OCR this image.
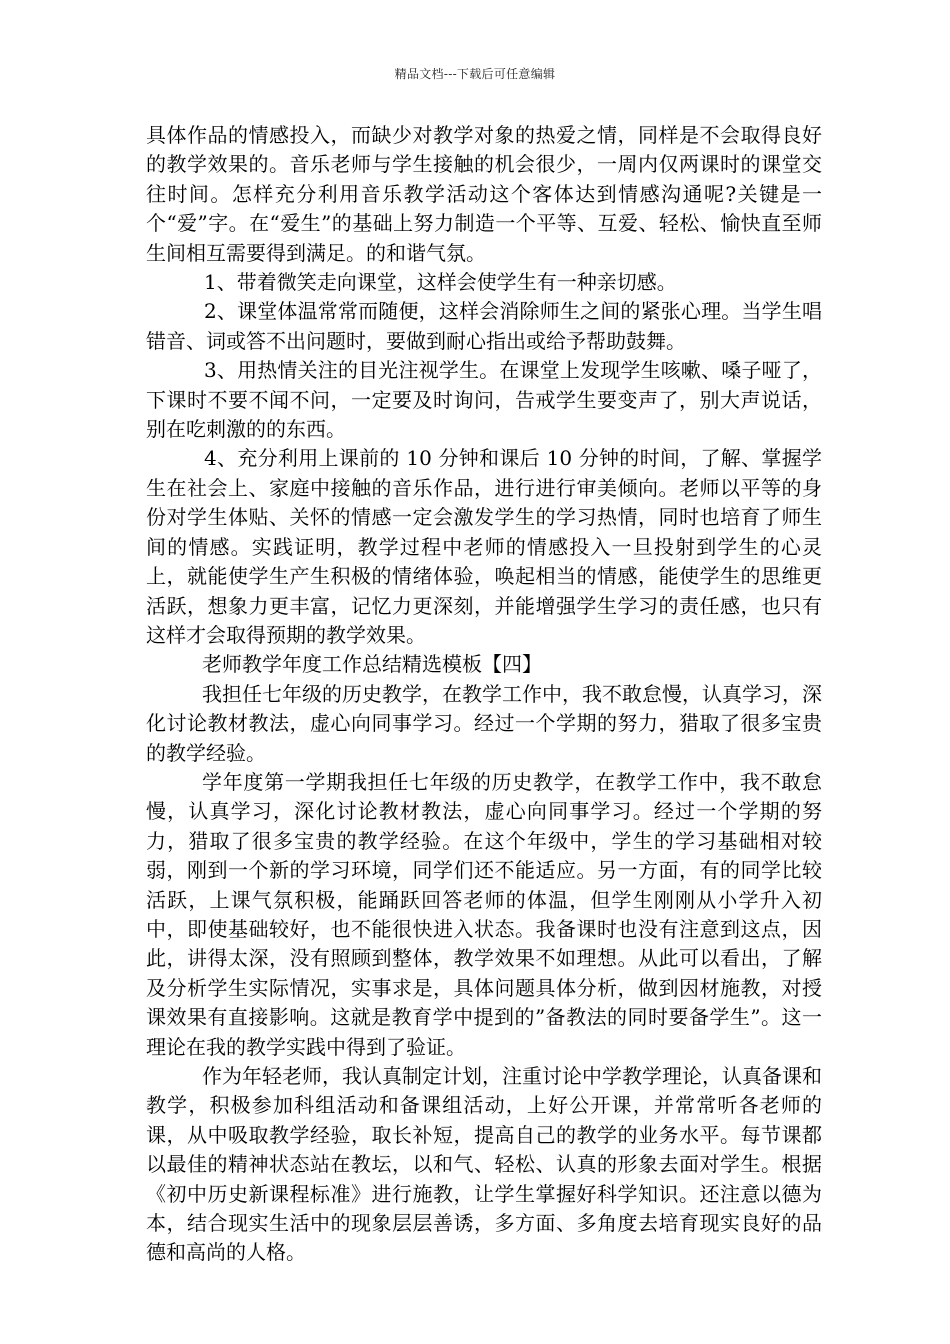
精品文档---下载后可任意编辑

具体作品的情感投入，而缺少对教学对象的热爱之情，同样是不会取得良好的教学效果的。音乐老师与学生接触的机会很少，一周内仅两课时的课堂交往时间。怎样充分利用音乐教学活动这个客体达到情感沟通呢?关键是一个“爱”字。在“爱生”的基础上努力制造一个平等、互爱、轻松、愉快直至师生间相互需要得到满足。的和谐气氛。

1、带着微笑走向课堂，这样会使学生有一种亲切感。

2、课堂体温常常而随便，这样会消除师生之间的紧张心理。当学生唱错音、词或答不出问题时，要做到耐心指出或给予帮助鼓舞。

3、用热情关注的目光注视学生。在课堂上发现学生咳嗽、嗓子哑了，下课时不要不闻不问，一定要及时询问，告戒学生要变声了，别大声说话，别在吃刺激的的东西。

4、充分利用上课前的 10 分钟和课后 10 分钟的时间，了解、掌握学生在社会上、家庭中接触的音乐作品，进行进行审美倾向。老师以平等的身份对学生体贴、关怀的情感一定会激发学生的学习热情，同时也培育了师生间的情感。实践证明，教学过程中老师的情感投入一旦投射到学生的心灵上，就能使学生产生积极的情绪体验，唤起相当的情感，能使学生的思维更活跃，想象力更丰富，记忆力更深刻，并能增强学生学习的责任感，也只有这样才会取得预期的教学效果。

老师教学年度工作总结精选模板【四】

我担任七年级的历史教学，在教学工作中，我不敢怠慢，认真学习，深化讨论教材教法，虚心向同事学习。经过一个学期的努力，猎取了很多宝贵的教学经验。

学年度第一学期我担任七年级的历史教学，在教学工作中，我不敢怠慢，认真学习，深化讨论教材教法，虚心向同事学习。经过一个学期的努力，猎取了很多宝贵的教学经验。在这个年级中，学生的学习基础相对较弱，刚到一个新的学习环境，同学们还不能适应。另一方面，有的同学比较活跃，上课气氛积极，能踊跃回答老师的体温，但学生刚刚从小学升入初中，即使基础较好，也不能很快进入状态。我备课时也没有注意到这点，因此，讲得太深，没有照顾到整体，教学效果不如理想。从此可以看出，了解及分析学生实际情况，实事求是，具体问题具体分析，做到因材施教，对授课效果有直接影响。这就是教育学中提到的”备教法的同时要备学生”。这一理论在我的教学实践中得到了验证。

作为年轻老师，我认真制定计划，注重讨论中学教学理论，认真备课和教学，积极参加科组活动和备课组活动，上好公开课，并常常听各老师的课，从中吸取教学经验，取长补短，提高自己的教学的业务水平。每节课都以最佳的精神状态站在教坛，以和气、轻松、认真的形象去面对学生。根据《初中历史新课程标准》进行施教，让学生掌握好科学知识。还注意以德为本，结合现实生活中的现象层层善诱，多方面、多角度去培育现实良好的品德和高尚的人格。
